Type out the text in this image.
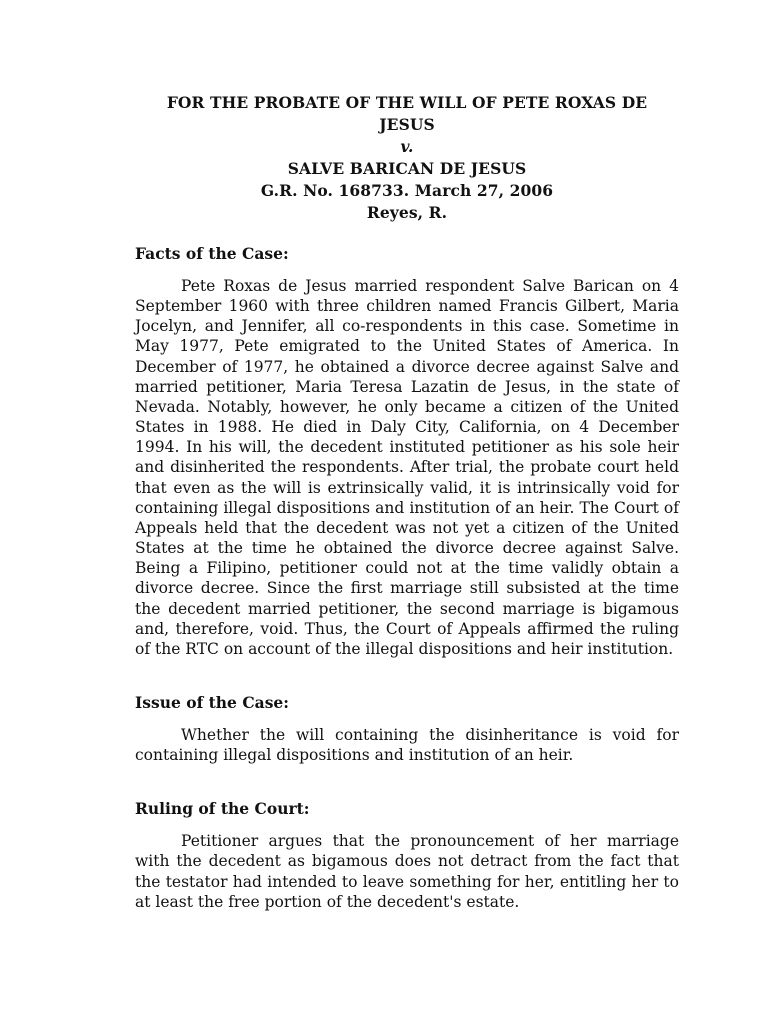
FOR THE PROBATE OF THE WILL OF PETE ROXAS DE
JESUS
v.
SALVE BARICAN DE JESUS
G.R. No. 168733. March 27, 2006
Reyes, R.
Facts of the Case:

Pete Roxas de Jesus married respondent Salve Barican on 4 September 1960 with three children named Francis Gilbert, Maria Jocelyn, and Jennifer, all co-respondents in this case. Sometime in May 1977, Pete emigrated to the United States of America. In December of 1977, he obtained a divorce decree against Salve and married petitioner, Maria Teresa Lazatin de Jesus, in the state of Nevada. Notably, however, he only became a citizen of the United States in 1988. He died in Daly City, California, on 4 December 1994. In his will, the decedent instituted petitioner as his sole heir and disinherited the respondents. After trial, the probate court held that even as the will is extrinsically valid, it is intrinsically void for containing illegal dispositions and institution of an heir. The Court of Appeals held that the decedent was not yet a citizen of the United States at the time he obtained the divorce decree against Salve. Being a Filipino, petitioner could not at the time validly obtain a divorce decree. Since the first marriage still subsisted at the time the decedent married petitioner, the second marriage is bigamous and, therefore, void. Thus, the Court of Appeals affirmed the ruling of the RTC on account of the illegal dispositions and heir institution.

Issue of the Case:

Whether the will containing the disinheritance is void for containing illegal dispositions and institution of an heir.

Ruling of the Court:

Petitioner argues that the pronouncement of her marriage with the decedent as bigamous does not detract from the fact that the testator had intended to leave something for her, entitling her to at least the free portion of the decedent's estate.
